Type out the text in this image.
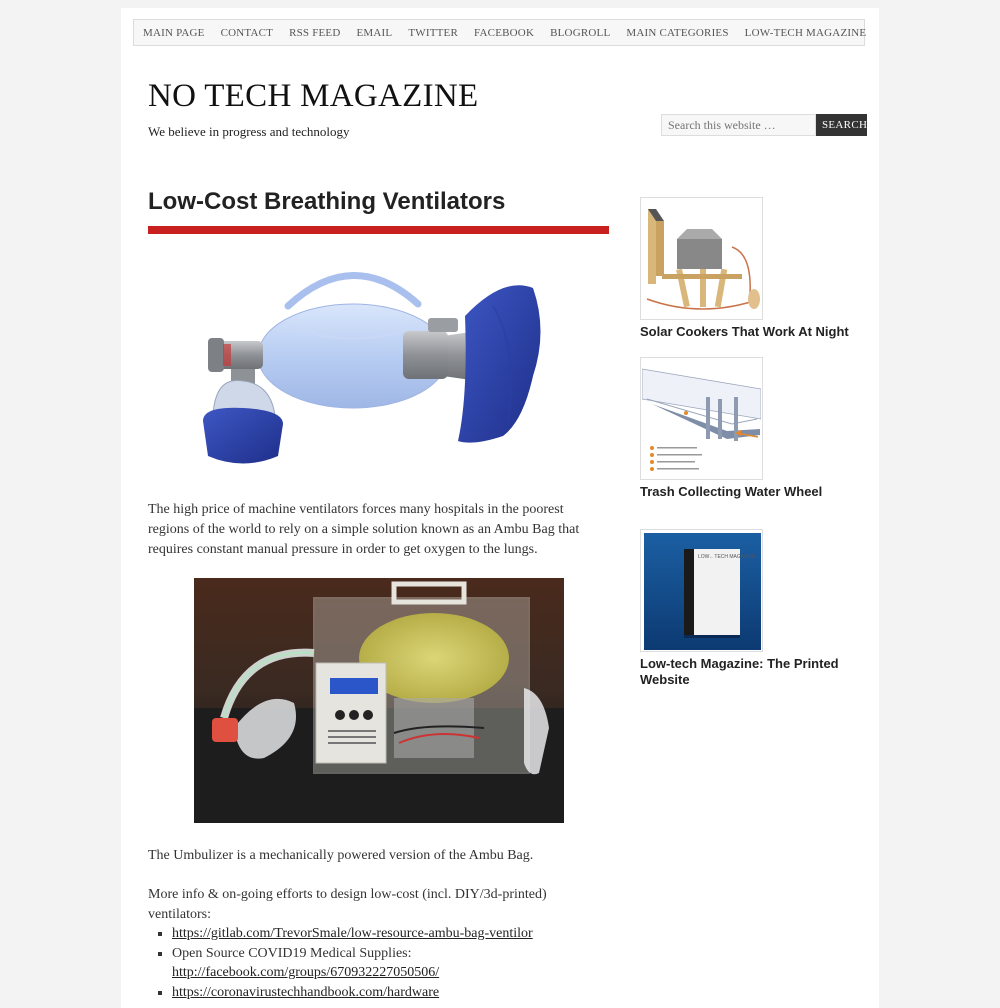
MAIN PAGE CONTACT RSS FEED EMAIL TWITTER FACEBOOK BLOGROLL MAIN CATEGORIES LOW-TECH MAGAZINE
NO TECH MAGAZINE
We believe in progress and technology
Search this website …	SEARCH
Low-Cost Breathing Ventilators

The high price of machine ventilators forces many hospitals in the poorest regions of the world to rely on a simple solution known as an Ambu Bag that requires constant manual pressure in order to get oxygen to the lungs.

The Umbulizer is a mechanically powered version of the Ambu Bag.

More info & on-going efforts to design low-cost (incl. DIY/3d-printed) ventilators:

▪ https://gitlab.com/TrevorSmale/low-resource-ambu-bag-ventilor
▪ Open Source COVID19 Medical Supplies:
http://facebook.com/groups/670932227050506/
▪ https://coronavirustechhandbook.com/hardware
Solar Cookers That Work At Night
Trash Collecting Water Wheel
LOW←TECH MAGAZINE
Low-tech Magazine: The Printed Website
